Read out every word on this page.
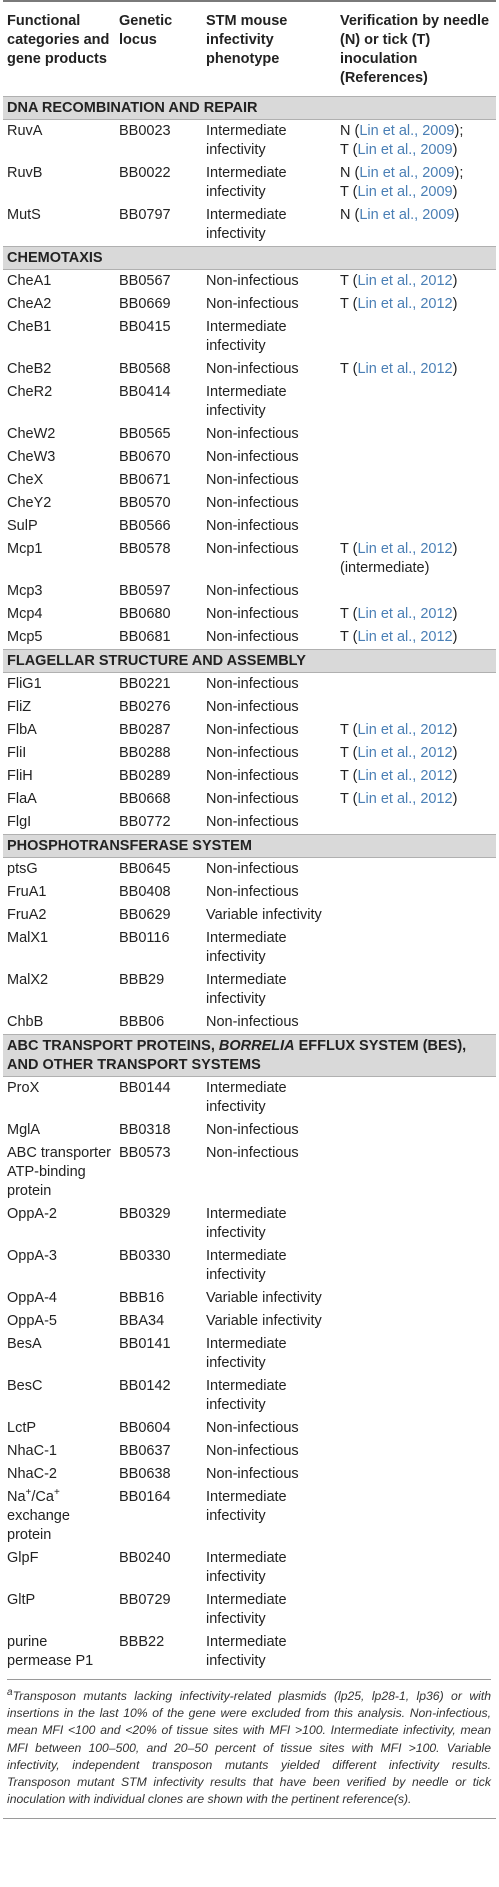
Functional categories and gene products	Genetic locus	STM mouse infectivity phenotype	Verification by needle (N) or tick (T) inoculation (References)
DNA RECOMBINATION AND REPAIR			
RuvA	BB0023	Intermediate infectivity	N (Lin et al., 2009);
T (Lin et al., 2009)

RuvB	BB0022	Intermediate infectivity	N (Lin et al., 2009);
T (Lin et al., 2009)

MutS	BB0797	Intermediate infectivity	N (Lin et al., 2009)

CHEMOTAXIS			
CheA1	BB0567	Non-infectious	T (Lin et al., 2012)

CheA2	BB0669	Non-infectious	T (Lin et al., 2012)

CheB1	BB0415	Intermediate infectivity	
CheB2	BB0568	Non-infectious	T (Lin et al., 2012)

CheR2	BB0414	Intermediate infectivity	
CheW2	BB0565	Non-infectious	
CheW3	BB0670	Non-infectious	
CheX	BB0671	Non-infectious	
CheY2	BB0570	Non-infectious	
SulP	BB0566	Non-infectious	
Mcp1	BB0578	Non-infectious	T (Lin et al., 2012)
(intermediate)

Mcp3	BB0597	Non-infectious	
Mcp4	BB0680	Non-infectious	T (Lin et al., 2012)

Mcp5	BB0681	Non-infectious	T (Lin et al., 2012)

FLAGELLAR STRUCTURE AND ASSEMBLY			
FliG1	BB0221	Non-infectious	
FliZ	BB0276	Non-infectious	
FlbA	BB0287	Non-infectious	T (Lin et al., 2012)

FliI	BB0288	Non-infectious	T (Lin et al., 2012)

FliH	BB0289	Non-infectious	T (Lin et al., 2012)

FlaA	BB0668	Non-infectious	T (Lin et al., 2012)

FlgI	BB0772	Non-infectious	
PHOSPHOTRANSFERASE SYSTEM			
ptsG	BB0645	Non-infectious	
FruA1	BB0408	Non-infectious	
FruA2	BB0629	Variable infectivity	
MalX1	BB0116	Intermediate infectivity	
MalX2	BBB29	Intermediate infectivity	
ChbB	BBB06	Non-infectious	
ABC TRANSPORT PROTEINS, BORRELIA EFFLUX SYSTEM (BES), AND OTHER TRANSPORT SYSTEMS			
ProX	BB0144	Intermediate infectivity	
MglA	BB0318	Non-infectious	
ABC transporter ATP-binding protein	BB0573	Non-infectious	
OppA-2	BB0329	Intermediate infectivity	
OppA-3	BB0330	Intermediate infectivity	
OppA-4	BBB16	Variable infectivity	
OppA-5	BBA34	Variable infectivity	
BesA	BB0141	Intermediate infectivity	
BesC	BB0142	Intermediate infectivity	
LctP	BB0604	Non-infectious	
NhaC-1	BB0637	Non-infectious	
NhaC-2	BB0638	Non-infectious	
Na+/Ca+ exchange protein	BB0164	Intermediate infectivity	
GlpF	BB0240	Intermediate infectivity	
GltP	BB0729	Intermediate infectivity	
purine permease P1	BBB22	Intermediate infectivity	
$^a$Transposon mutants lacking infectivity-related plasmids (lp25, lp28-1, lp36) or with insertions in the last 10% of the gene were excluded from this analysis. Non-infectious, mean MFI <100 and <20% of tissue sites with MFI >100. Intermediate infectivity, mean MFI between 100–500, and 20–50 percent of tissue sites with MFI >100. Variable infectivity, independent transposon mutants yielded different infectivity results. Transposon mutant STM infectivity results that have been verified by needle or tick inoculation with individual clones are shown with the pertinent reference(s).
